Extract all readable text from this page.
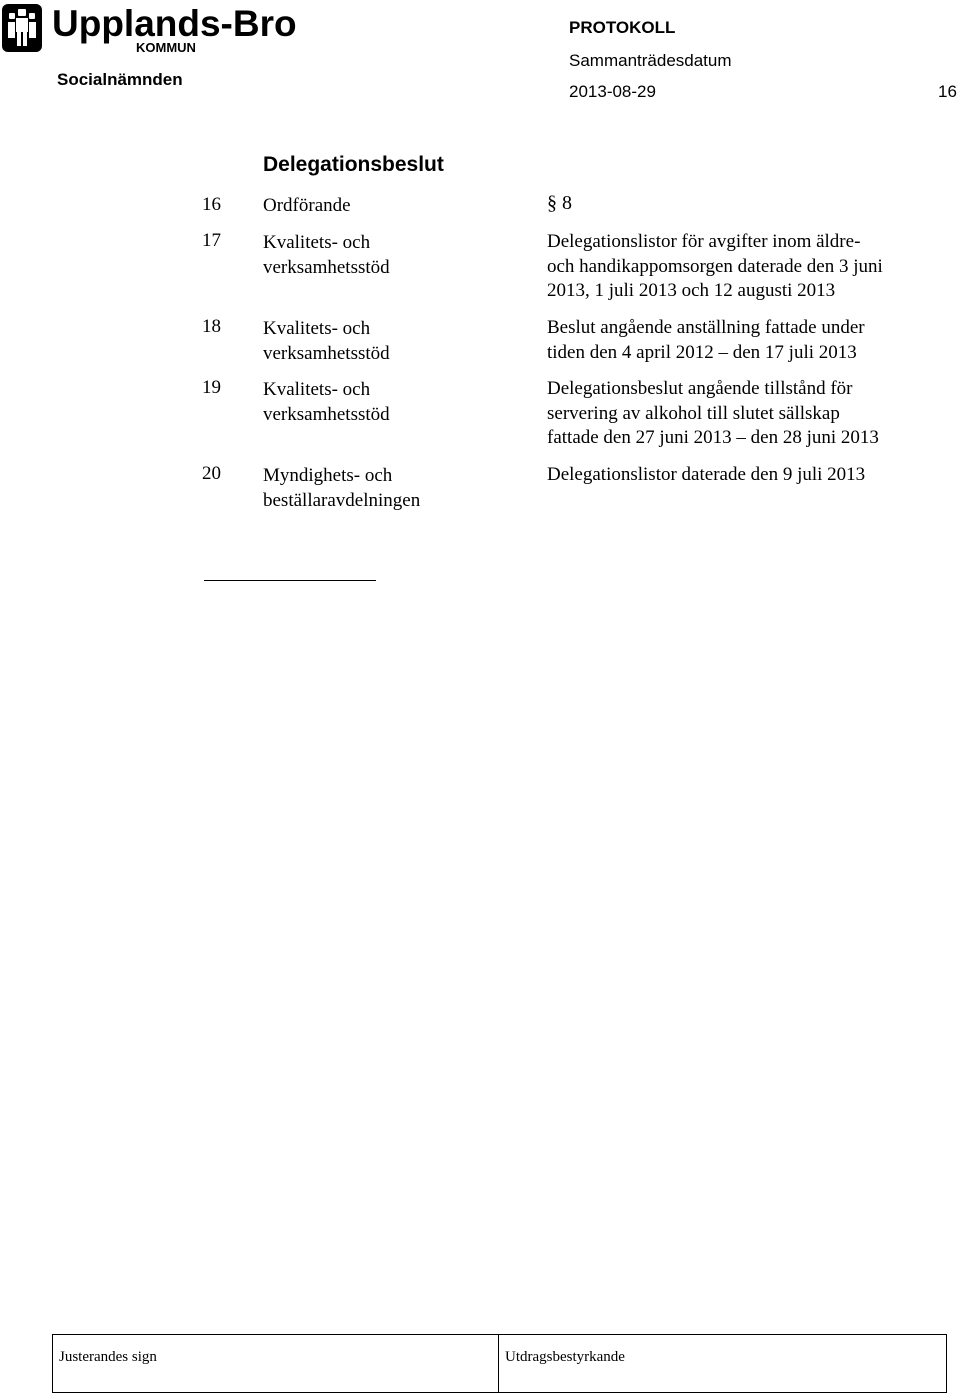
Upplands-Bro
KOMMUN
Socialnämnden
PROTOKOLL
Sammanträdesdatum
2013-08-29	16
Delegationsbeslut
§ 8
16 Ordförande
17 Kvalitets- och
verksamhetsstöd
Delegationslistor för avgifter inom äldre-
och handikappomsorgen daterade den 3 juni
2013, 1 juli 2013 och 12 augusti 2013
18 Kvalitets- och
verksamhetsstöd
Beslut angående anställning fattade under
tiden den 4 april 2012 – den 17 juli 2013
19 Kvalitets- och
verksamhetsstöd
Delegationsbeslut angående tillstånd för
servering av alkohol till slutet sällskap
fattade den 27 juni 2013 – den 28 juni 2013
20 Myndighets- och
beställaravdelningen
Delegationslistor daterade den 9 juli 2013
Justerandes sign	Utdragsbestyrkande
